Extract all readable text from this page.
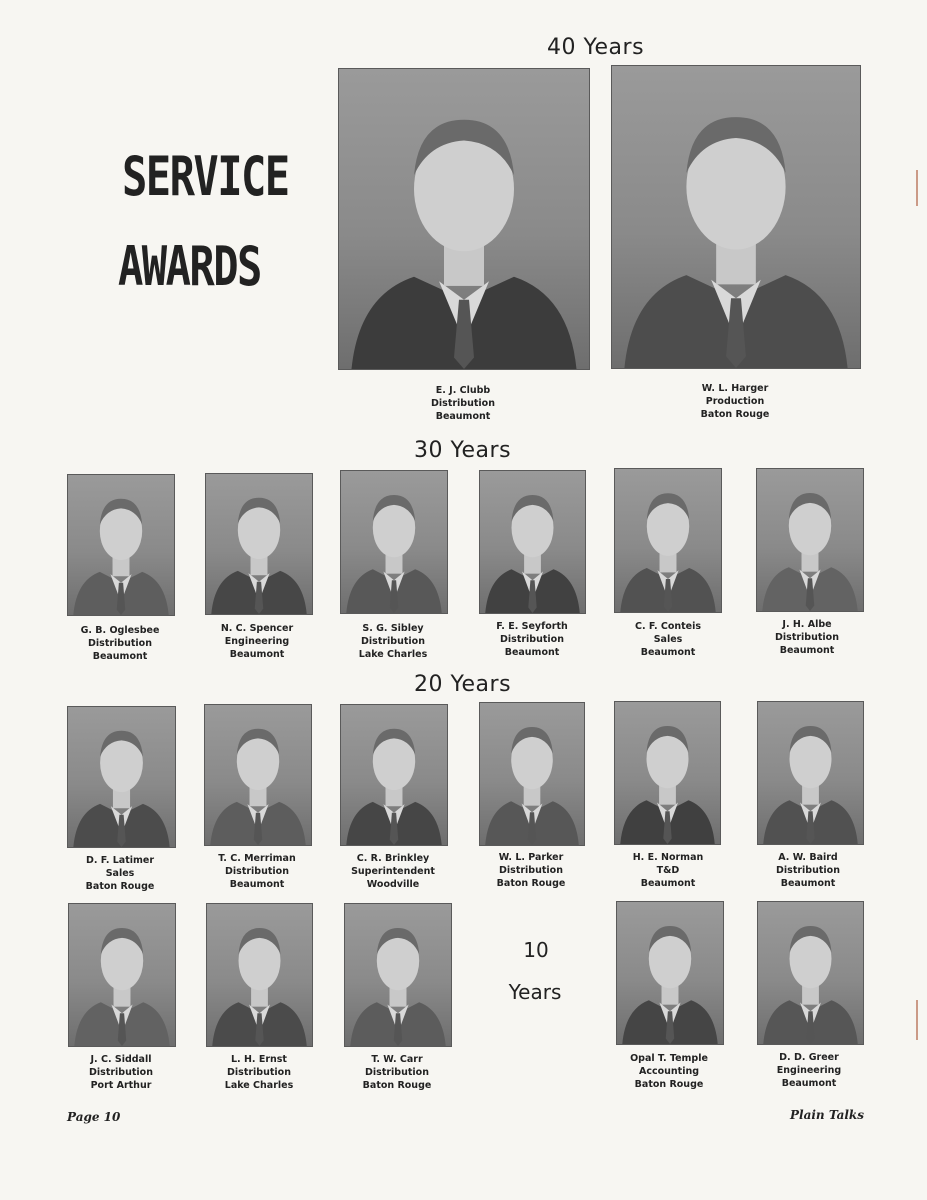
SERVICE
AWARDS
40 Years
30 Years
20 Years
10
Years
E. J. Clubb
Distribution
Beaumont
W. L. Harger
Production
Baton Rouge
G. B. Oglesbee
Distribution
Beaumont
N. C. Spencer
Engineering
Beaumont
S. G. Sibley
Distribution
Lake Charles
F. E. Seyforth
Distribution
Beaumont
C. F. Conteis
Sales
Beaumont
J. H. Albe
Distribution
Beaumont
D. F. Latimer
Sales
Baton Rouge
T. C. Merriman
Distribution
Beaumont
C. R. Brinkley
Superintendent
Woodville
W. L. Parker
Distribution
Baton Rouge
H. E. Norman
T&D
Beaumont
A. W. Baird
Distribution
Beaumont
J. C. Siddall
Distribution
Port Arthur
L. H. Ernst
Distribution
Lake Charles
T. W. Carr
Distribution
Baton Rouge
Opal T. Temple
Accounting
Baton Rouge
D. D. Greer
Engineering
Beaumont
Page 10	Plain Talks
